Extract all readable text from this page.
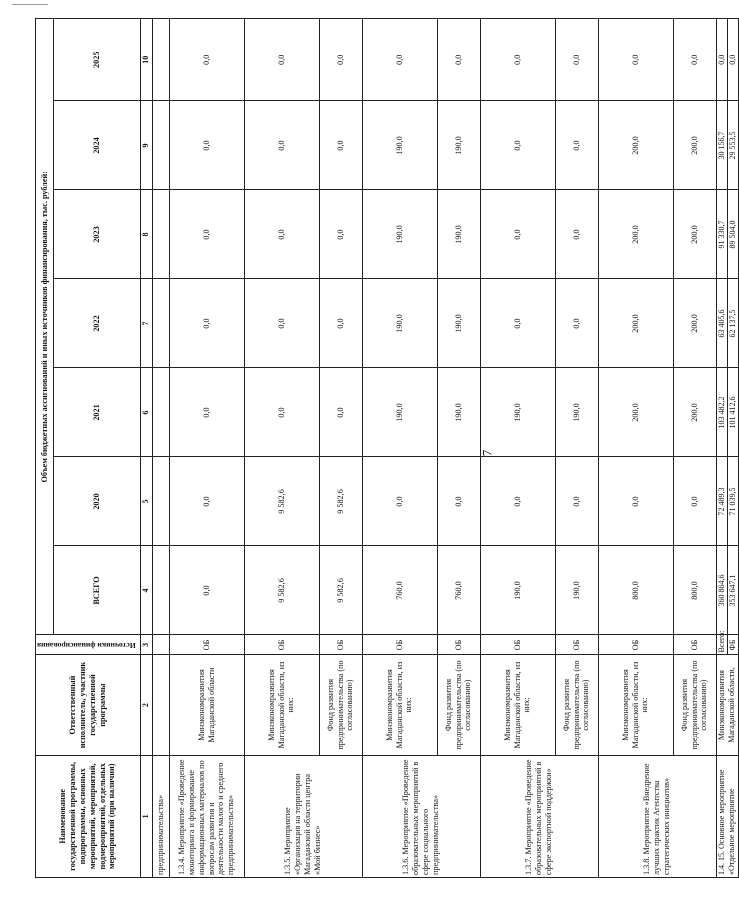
7
Наименование государственной программы, подпрограммы, основных мероприятий, мероприятий, подмероприятий, отдельных мероприятий (при наличии)	Ответственный исполнитель, участник государственной программы	Источники финансирования	Объем бюджетных ассигнований и иных источников финансирования, тыс. рублей:						
			ВСЕГО	2020	2021	2022	2023	2024	2025
1	2	3	4	5	6	7	8	9	10
предпринимательства»									
1.3.4. Мероприятие «Проведение мониторинга и формирование информационных материалов по вопросам развития и деятельности малого и среднего предпринимательства»	Минэкономразвития Магаданской области	ОБ	0,0	0,0	0,0	0,0	0,0	0,0	0,0
1.3.5. Мероприятие «Организация на территории Магаданской области центра «Мой бизнес»	Минэкономразвития Магаданской области, из них:	ОБ	9 582,6	9 582,6	0,0	0,0	0,0	0,0	0,0
	Фонд развития предпринимательства (по согласованию)	ОБ	9 582,6	9 582,6	0,0	0,0	0,0	0,0	0,0
1.3.6. Мероприятие «Проведение образовательных мероприятий в сфере социального предпринимательства»	Минэкономразвития Магаданской области, из них:	ОБ	760,0	0,0	190,0	190,0	190,0	190,0	0,0
	Фонд развития предпринимательства (по согласованию)	ОБ	760,0	0,0	190,0	190,0	190,0	190,0	0,0
1.3.7. Мероприятие «Проведение образовательных мероприятий в сфере экспортной поддержки»	Минэкономразвития Магаданской области, из них:	ОБ	190,0	0,0	190,0	0,0	0,0	0,0	0,0
	Фонд развития предпринимательства (по согласованию)	ОБ	190,0	0,0	190,0	0,0	0,0	0,0	0,0
1.3.8. Мероприятие «Внедрение лучших практик Агентства стратегических инициатив»	Минэкономразвития Магаданской области, из них:	ОБ	800,0	0,0	200,0	200,0	200,0	200,0	0,0
	Фонд развития предпринимательства (по согласованию)	ОБ	800,0	0,0	200,0	200,0	200,0	200,0	0,0
1.4. 15. Основное мероприятие «Отдельное мероприятие	Минэкономразвития Магаданской области,	Всего:	360 864,6	72 489,3	103 482,2	63 405,6	91 330,7	30 156,7	0,0
		ФБ	353 647,1	71 039,5	101 412,6	62 137,5	89 504,0	29 553,5	0,0
